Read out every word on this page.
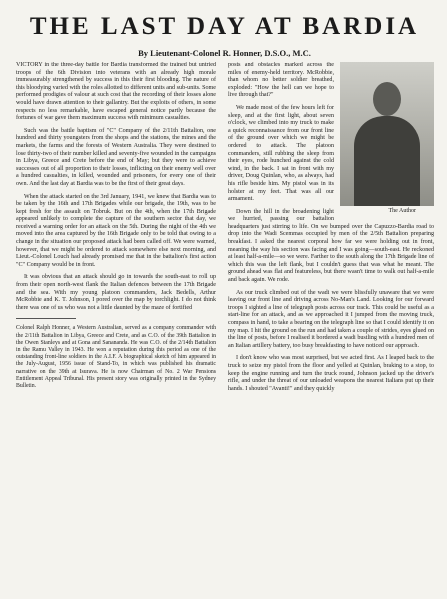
THE LAST DAY AT BARDIA
By Lieutenant-Colonel R. Honner, D.S.O., M.C.

VICTORY in the three-day battle for Bardia transformed the trained but untried troops of the 6th Division into veterans with an already high morale immeasurably strengthened by success in this their first blooding. The nature of this bloodying varied with the roles allotted to different units and sub-units. Some performed prodigies of valour at such cost that the recording of their losses alone would have drawn attention to their gallantry. But the exploits of others, in some respects no less remarkable, have escaped general notice partly because the fortunes of war gave them maximum success with minimum casualties.

Such was the battle baptism of "C" Company of the 2/11th Battalion, one hundred and thirty youngsters from the shops and the stations, the mines and the markets, the farms and the forests of Western Australia. They were destined to lose thirty-two of their number killed and seventy-five wounded in the campaigns in Libya, Greece and Crete before the end of May; but they were to achieve successes out of all proportion to their losses, inflicting on their enemy well over a hundred casualties, in killed, wounded and prisoners, for every one of their own. And the last day at Bardia was to be the first of their great days.

When the attack started on the 3rd January, 1941, we knew that Bardia was to be taken by the 16th and 17th Brigades while our brigade, the 19th, was to be kept fresh for the assault on Tobruk. But on the 4th, when the 17th Brigade appeared unlikely to complete the capture of the southern sector that day, we received a warning order for an attack on the 5th. During the night of the 4th we moved into the area captured by the 16th Brigade only to be told that owing to a change in the situation our proposed attack had been called off. We were warned, however, that we might be ordered to attack somewhere else next morning, and Lieut.-Colonel Louch had already promised me that in the battalion's first action "C" Company would be in front.

It was obvious that an attack should go in towards the south-east to roll up from their open north-west flank the Italian defences between the 17th Brigade and the sea. With my young platoon commanders, Jack Bedells, Arthur McRobbie and K. T. Johnson, I pored over the map by torchlight. I do not think there was one of us who was not a little daunted by the maze of fortified

Colonel Ralph Honner, a Western Australian, served as a company commander with the 2/11th Battalion in Libya, Greece and Crete, and as C.O. of the 39th Battalion in the Owen Stanleys and at Gona and Sanananda. He was C.O. of the 2/14th Battalion in the Ramu Valley in 1943. He won a reputation during this period as one of the outstanding front-line soldiers in the A.I.F. A biographical sketch of him appeared in the July-August, 1956 issue of Stand-To, in which was published his dramatic narrative on the 39th at Isurava. He is now Chairman of No. 2 War Pensions Entitlement Appeal Tribunal. His present story was originally printed in the Sydney Bulletin.

The Author

posts and obstacles marked across the miles of enemy-held territory. McRobbie, than whom no better soldier breathed, exploded: "How the hell can we hope to live through that?"

We made most of the few hours left for sleep, and at the first light, about seven o'clock, we climbed into my truck to make a quick reconnaissance from our front line of the ground over which we might be ordered to attack. The platoon commanders, still rubbing the sleep from their eyes, rode hunched against the cold wind, in the back. I sat in front with my driver, Doug Quinlan, who, as always, had his rifle beside him. My pistol was in its holster at my feet. That was all our armament.

Down the hill in the broadening light we hurried, passing our battalion headquarters just stirring to life. On we bumped over the Capuzzo-Bardia road to drop into the Wadi Scemmas occupied by men of the 2/5th Battalion preparing breakfast. I asked the nearest corporal how far we were holding out in front, meaning the way his section was facing and I was going—south-east. He reckoned at least half-a-mile—so we were. Farther to the south along the 17th Brigade line of which this was the left flank, but I couldn't guess that was what he meant. The ground ahead was flat and featureless, but there wasn't time to walk out half-a-mile and back again. We rode.

As our truck climbed out of the wadi we were blissfully unaware that we were leaving our front line and driving across No-Man's Land. Looking for our forward troops I sighted a line of telegraph posts across our track. This could be useful as a start-line for an attack, and as we approached it I jumped from the moving truck, compass in hand, to take a bearing on the telegraph line so that I could identify it on my map. I hit the ground on the run and had taken a couple of strides, eyes glued on the line of posts, before I realised it bordered a wadi bustling with a hundred men of an Italian artillery battery, too busy breakfasting to have noticed our approach.

I don't know who was most surprised, but we acted first. As I leaped back to the truck to seize my pistol from the floor and yelled at Quinlan, braking to a stop, to keep the engine running and turn the truck round, Johnson jacked up the driver's rifle, and under the threat of our unloaded weapons the nearest Italians put up their hands. I shouted "Avanti!" and they quickly
